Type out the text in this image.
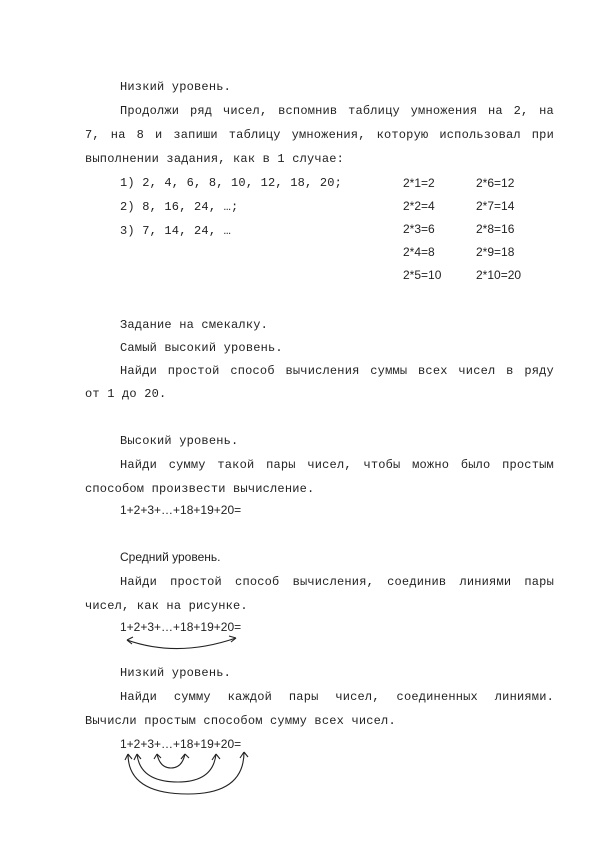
Низкий уровень.
Продолжи ряд чисел, вспомнив таблицу умножения на 2, на
7, на 8 и запиши таблицу умножения, которую использовал при
выполнении задания, как в 1 случае:
1) 2, 4, 6, 8, 10, 12, 18, 20;
2) 8, 16, 24, …;
3) 7, 14, 24, …
2*1=2
2*2=4
2*3=6
2*4=8
2*5=10
2*6=12
2*7=14
2*8=16
2*9=18
2*10=20
Задание на смекалку.
Самый высокий уровень.
Найди простой способ вычисления суммы всех чисел в ряду
от 1 до 20.
Высокий уровень.
Найди сумму такой пары чисел, чтобы можно было простым
способом произвести вычисление.
1+2+3+…+18+19+20=
Средний уровень.
Найди простой способ вычисления, соединив линиями пары
чисел, как на рисунке.
1+2+3+…+18+19+20=
Низкий уровень.
Найди сумму каждой пары чисел, соединенных линиями.
Вычисли простым способом сумму всех чисел.
1+2+3+…+18+19+20=
